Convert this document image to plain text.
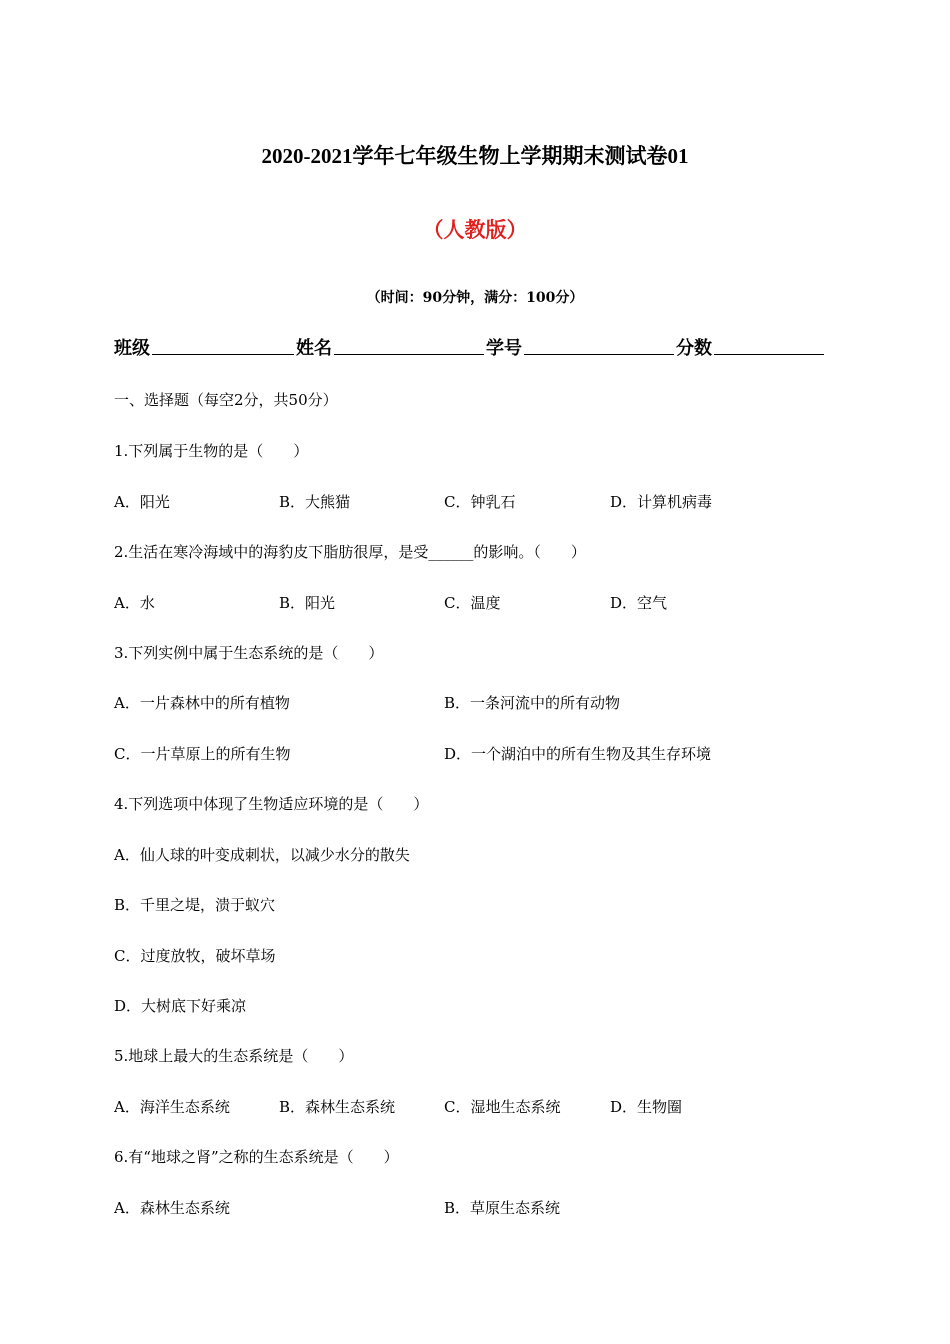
2020-2021学年七年级生物上学期期末测试卷01
（人教版）
（时间：90分钟，满分：100分）
班级	姓名	学号	分数
一、选择题（每空2分，共50分）
1.下列属于生物的是（　　）
A．阳光	B．大熊猫	C．钟乳石	D．计算机病毒
2.生活在寒冷海域中的海豹皮下脂肪很厚，是受______的影响。（　　）
A．水	B．阳光	C．温度	D．空气
3.下列实例中属于生态系统的是（　　）
A．一片森林中的所有植物	B．一条河流中的所有动物
C．一片草原上的所有生物	D．一个湖泊中的所有生物及其生存环境
4.下列选项中体现了生物适应环境的是（　　）
A．仙人球的叶变成刺状，以减少水分的散失
B．千里之堤，溃于蚁穴
C．过度放牧，破坏草场
D．大树底下好乘凉
5.地球上最大的生态系统是（　　）
A．海洋生态系统	B．森林生态系统	C．湿地生态系统	D．生物圈
6.有“地球之肾”之称的生态系统是（　　）
A．森林生态系统	B．草原生态系统
